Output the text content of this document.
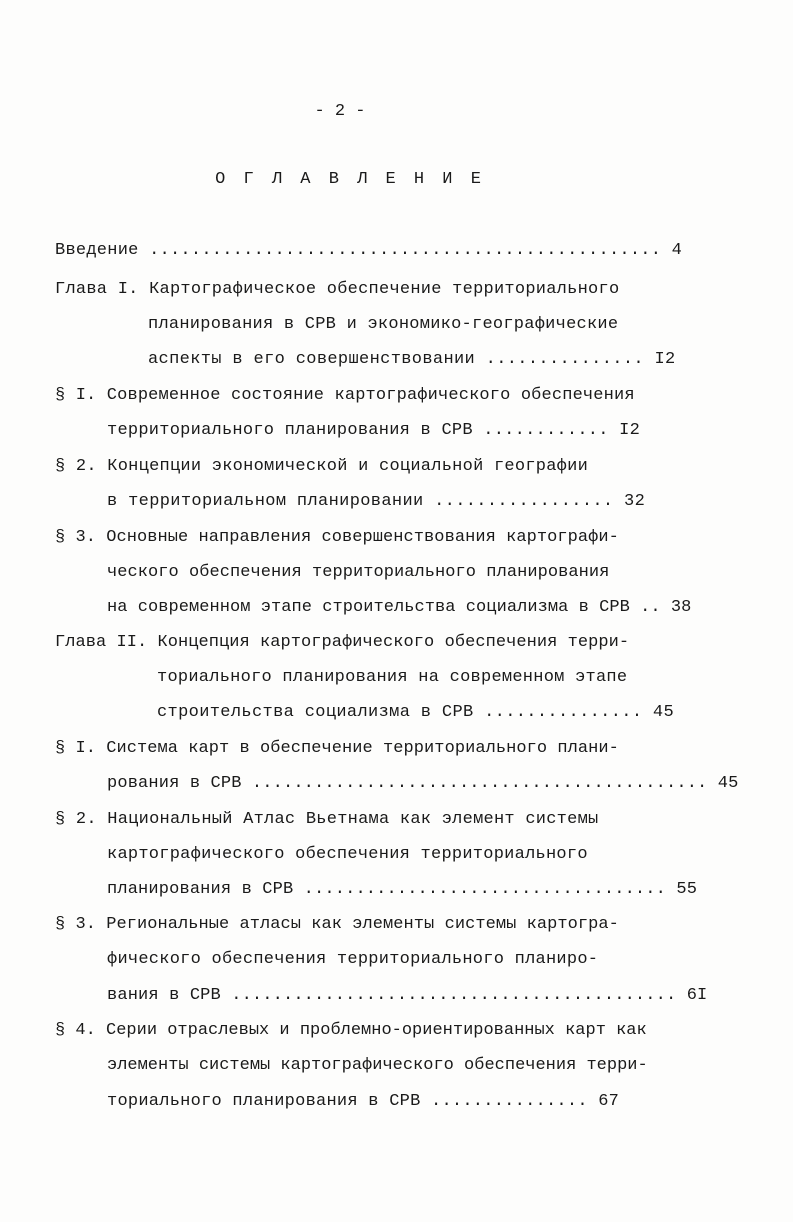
- 2 -
О Г Л А В Л Е Н И Е
Введение ................................................. 4
Глава I. Картографическое обеспечение территориального
планирования в СРВ и экономико-географические
аспекты в его совершенствовании ............... I2
§ I. Современное состояние картографического обеспечения
территориального планирования в СРВ ............ I2
§ 2. Концепции экономической и социальной географии
в территориальном планировании ................. 32
§ 3. Основные направления совершенствования картографи-
ческого обеспечения территориального планирования
на современном этапе строительства социализма в СРВ .. 38
Глава II. Концепция картографического обеспечения терри-
ториального планирования на современном этапе
строительства социализма в СРВ ............... 45
§ I. Система карт в обеспечение территориального плани-
рования в СРВ ............................................ 45
§ 2. Национальный Атлас Вьетнама как элемент системы
картографического обеспечения территориального
планирования в СРВ ................................... 55
§ 3. Региональные атласы как элементы системы картогра-
фического обеспечения территориального планиро-
вания в СРВ ........................................... 6I
§ 4. Серии отраслевых и проблемно-ориентированных карт как
элементы системы картографического обеспечения терри-
ториального планирования в СРВ ............... 67
